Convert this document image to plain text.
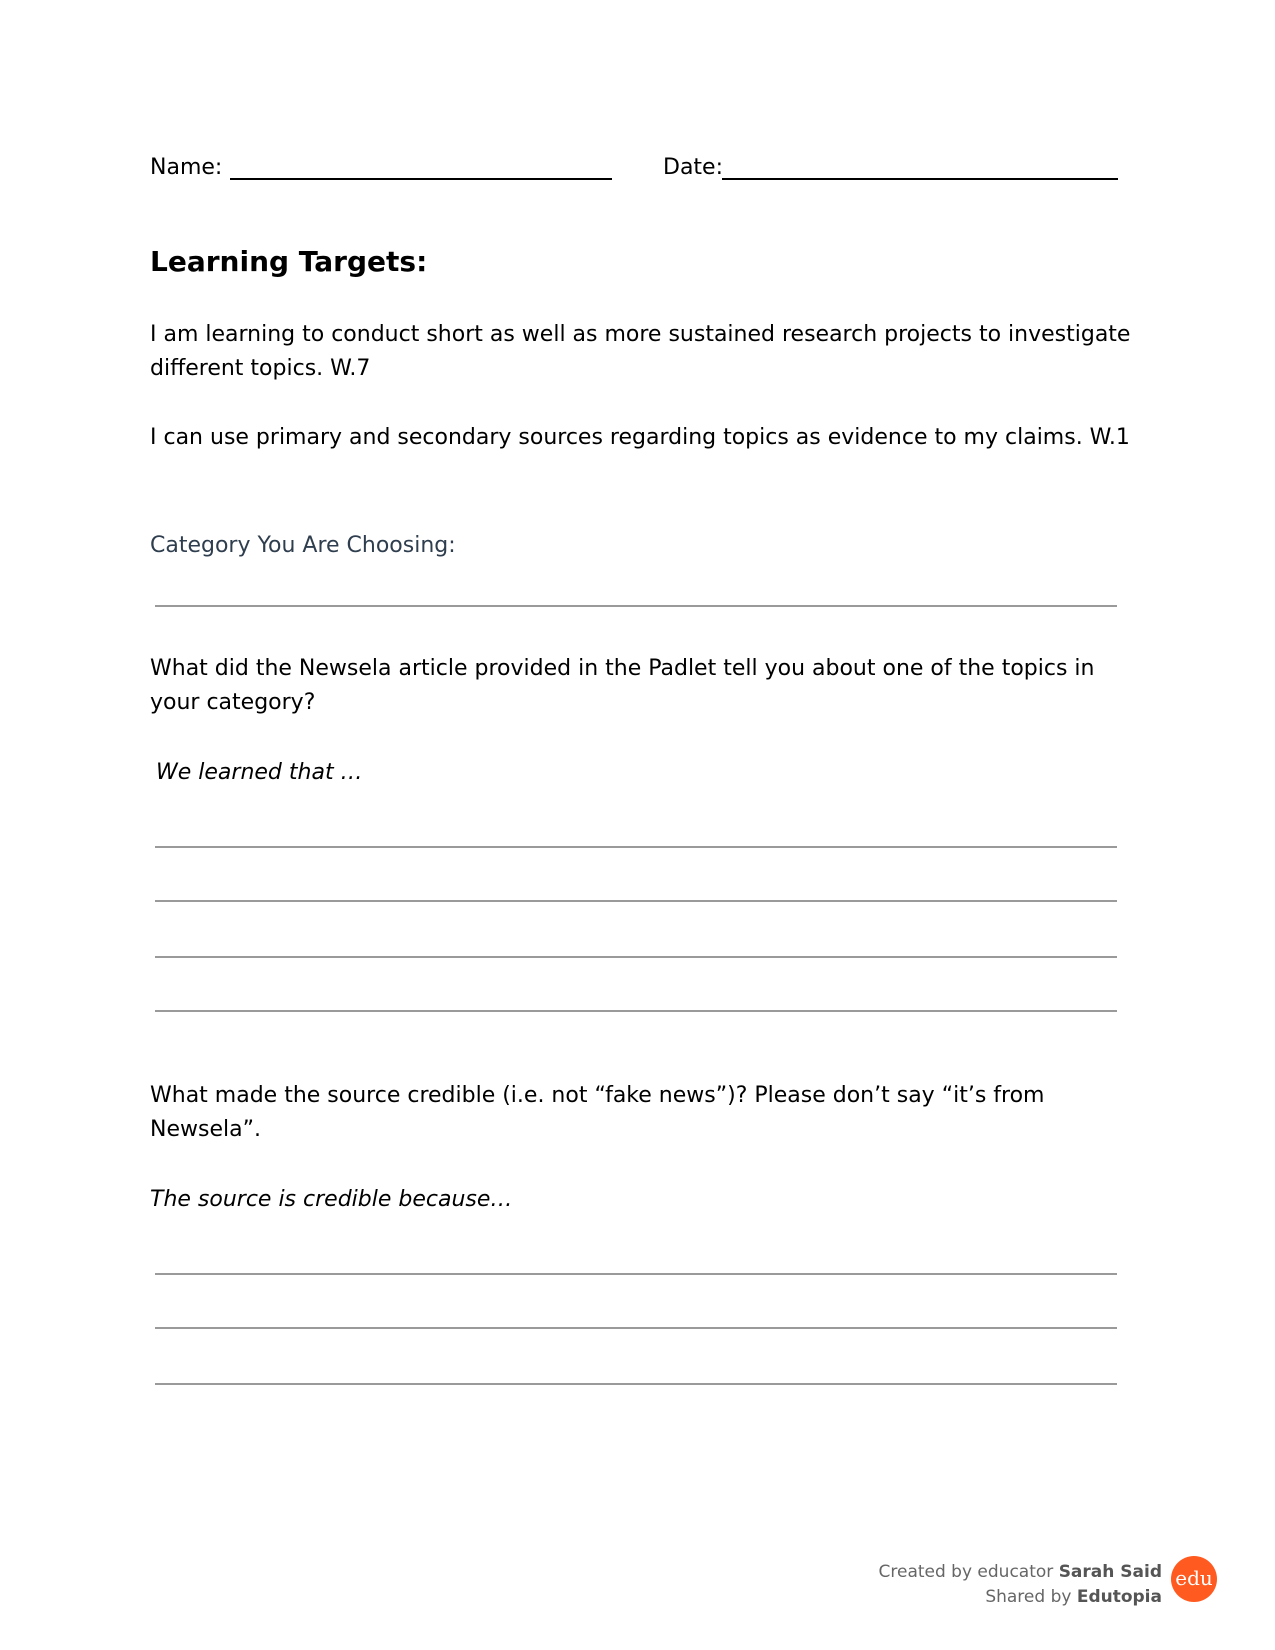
Name:	Date:
Learning Targets:
I am learning to conduct short as well as more sustained research projects to investigate different topics. W.7
I can use primary and secondary sources regarding topics as evidence to my claims. W.1
Category You Are Choosing:
What did the Newsela article provided in the Padlet tell you about one of the topics in your category?
We learned that …
What made the source credible (i.e. not “fake news”)? Please don’t say “it’s from Newsela”.
The source is credible because…
Created by educator Sarah Said
Shared by Edutopia
edu
